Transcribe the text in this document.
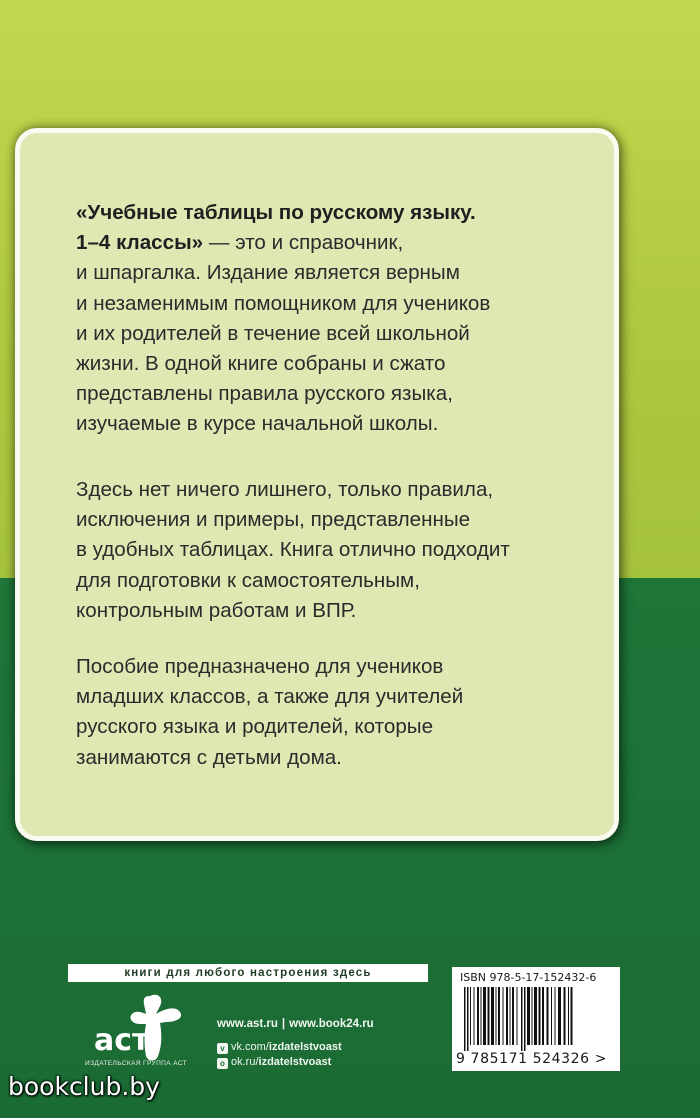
«Учебные таблицы по русскому языку.
1–4 классы» — это и справочник,
и шпаргалка. Издание является верным
и незаменимым помощником для учеников
и их родителей в течение всей школьной
жизни. В одной книге собраны и сжато
представлены правила русского языка,
изучаемые в курсе начальной школы.

Здесь нет ничего лишнего, только правила,
исключения и примеры, представленные
в удобных таблицах. Книга отлично подходит
для подготовки к самостоятельным,
контрольным работам и ВПР.

Пособие предназначено для учеников
младших классов, а также для учителей
русского языка и родителей, которые
занимаются с детьми дома.

книги для любого настроения здесь
аст
ИЗДАТЕЛЬСКАЯ ГРУППА АСТ
www.ast.ru | www.book24.ru
v vk.com/izdatelstvoast
o ok.ru/izdatelstvoast
ISBN 978-5-17-152432-6
9 785171 524326 >
bookclub.by
